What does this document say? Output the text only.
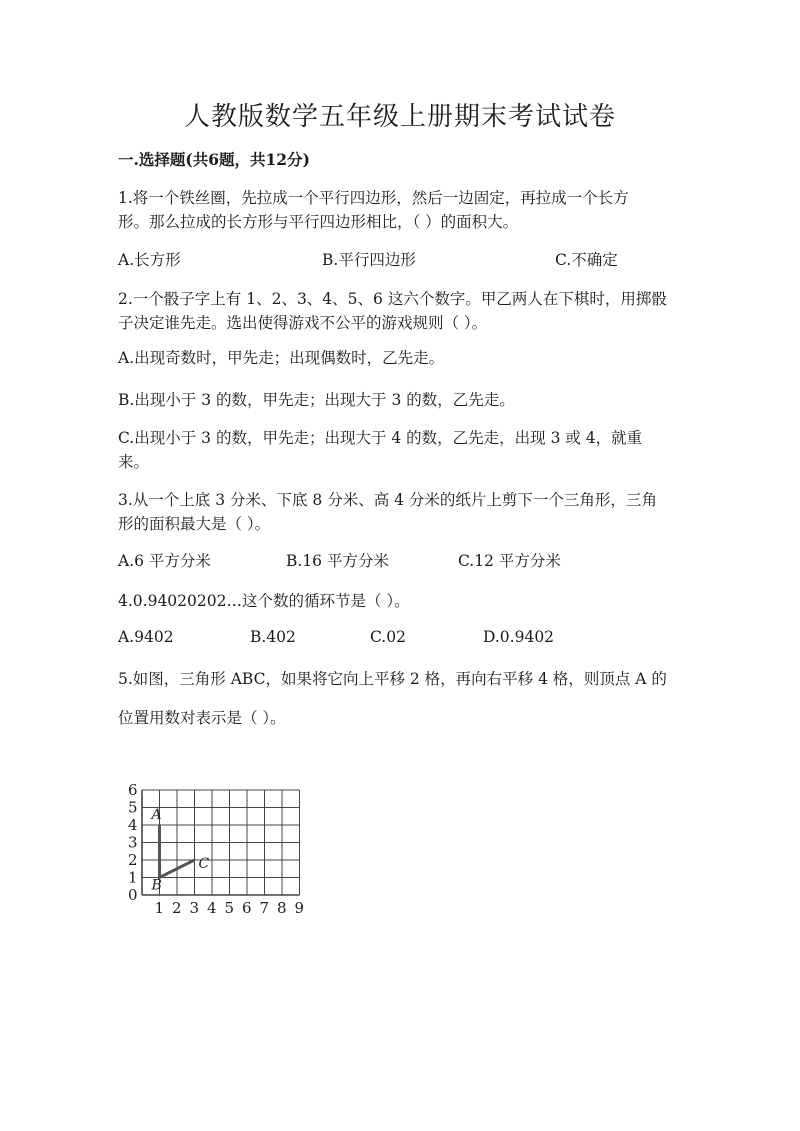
人教版数学五年级上册期末考试试卷
一.选择题(共6题，共12分)
1.将一个铁丝圈，先拉成一个平行四边形，然后一边固定，再拉成一个长方
形。那么拉成的长方形与平行四边形相比，（ ）的面积大。
A.长方形	B.平行四边形	C.不确定
2.一个骰子字上有 1、2、3、4、5、6 这六个数字。甲乙两人在下棋时，用掷骰
子决定谁先走。选出使得游戏不公平的游戏规则（ ）。
A.出现奇数时，甲先走；出现偶数时，乙先走。
B.出现小于 3 的数，甲先走；出现大于 3 的数，乙先走。
C.出现小于 3 的数，甲先走；出现大于 4 的数，乙先走，出现 3 或 4，就重
来。
3.从一个上底 3 分米、下底 8 分米、高 4 分米的纸片上剪下一个三角形，三角
形的面积最大是（ ）。
A.6 平方分米	B.16 平方分米	C.12 平方分米
4.0.94020202…这个数的循环节是（ ）。
A.9402	B.402	C.02	D.0.9402
5.如图，三角形 ABC，如果将它向上平移 2 格，再向右平移 4 格，则顶点 A 的
位置用数对表示是（ ）。
0
1
2
3
4
5
6
1 2 3 4 5 6 7 8 9
A
B
C
